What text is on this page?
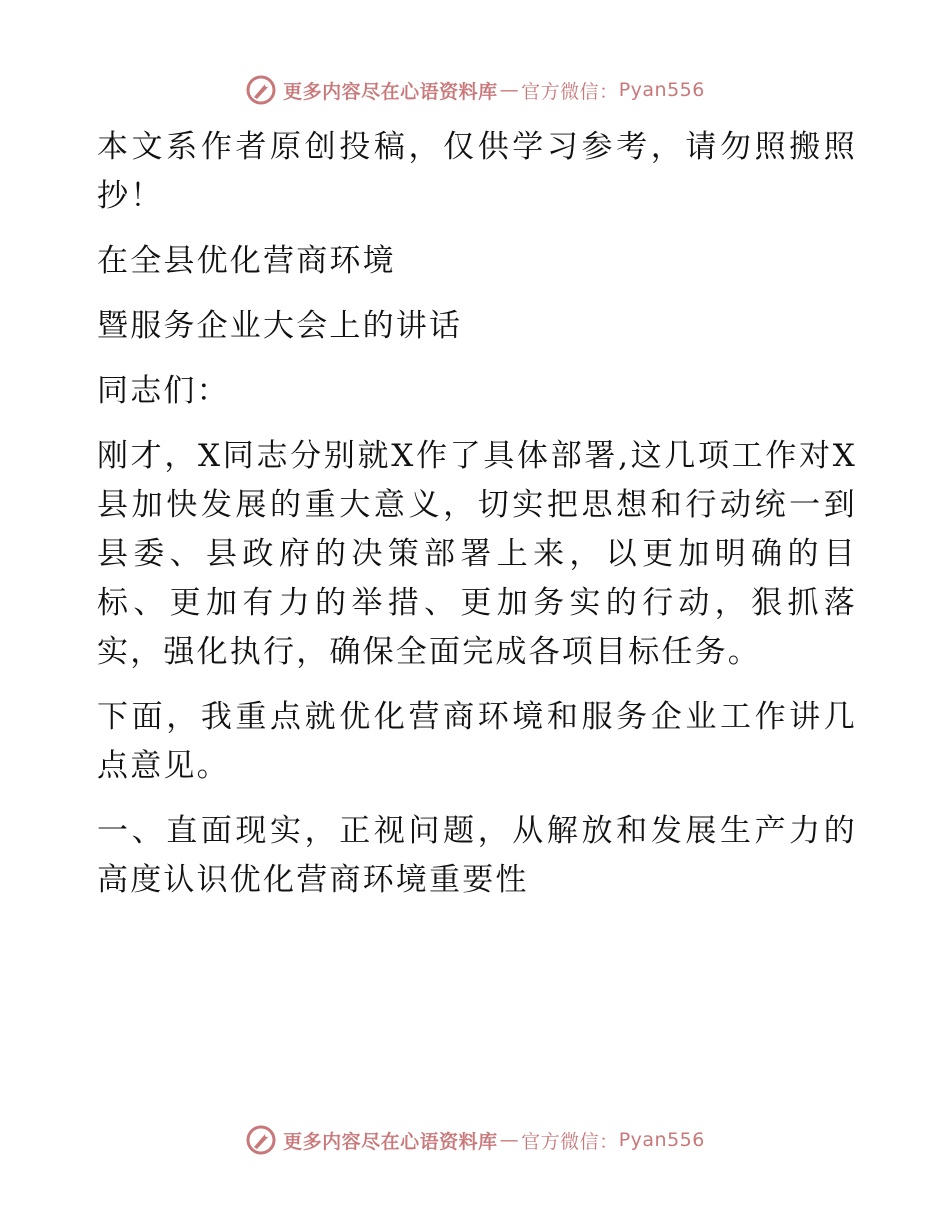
更多内容尽在心语资料库 — 官方微信： Pyan556

本文系作者原创投稿，仅供学习参考，请勿照搬照抄！

在全县优化营商环境

暨服务企业大会上的讲话

同志们：

刚才，X同志分别就X作了具体部署,这几项工作对X县加快发展的重大意义，切实把思想和行动统一到县委、县政府的决策部署上来，以更加明确的目标、更加有力的举措、更加务实的行动，狠抓落实，强化执行，确保全面完成各项目标任务。

下面，我重点就优化营商环境和服务企业工作讲几点意见。

一、直面现实，正视问题，从解放和发展生产力的高度认识优化营商环境重要性

更多内容尽在心语资料库 — 官方微信： Pyan556
